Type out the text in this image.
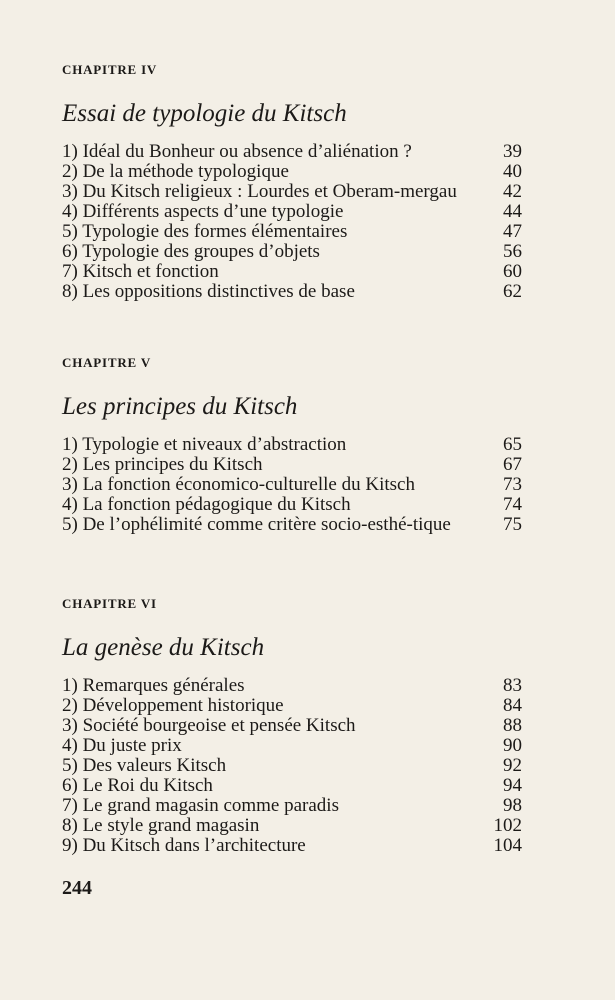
CHAPITRE IV

Essai de typologie du Kitsch
1) Idéal du Bonheur ou absence d’aliénation ?	39
2) De la méthode typologique	40
3) Du Kitsch religieux : Lourdes et Oberam-mergau	42
4) Différents aspects d’une typologie	44
5) Typologie des formes élémentaires	47
6) Typologie des groupes d’objets	56
7) Kitsch et fonction	60
8) Les oppositions distinctives de base	62

CHAPITRE V

Les principes du Kitsch
1) Typologie et niveaux d’abstraction	65
2) Les principes du Kitsch	67
3) La fonction économico-culturelle du Kitsch	73
4) La fonction pédagogique du Kitsch	74
5) De l’ophélimité comme critère socio-esthé-tique	75

CHAPITRE VI

La genèse du Kitsch
1) Remarques générales	83
2) Développement historique	84
3) Société bourgeoise et pensée Kitsch	88
4) Du juste prix	90
5) Des valeurs Kitsch	92
6) Le Roi du Kitsch	94
7) Le grand magasin comme paradis	98
8) Le style grand magasin	102
9) Du Kitsch dans l’architecture	104
244
